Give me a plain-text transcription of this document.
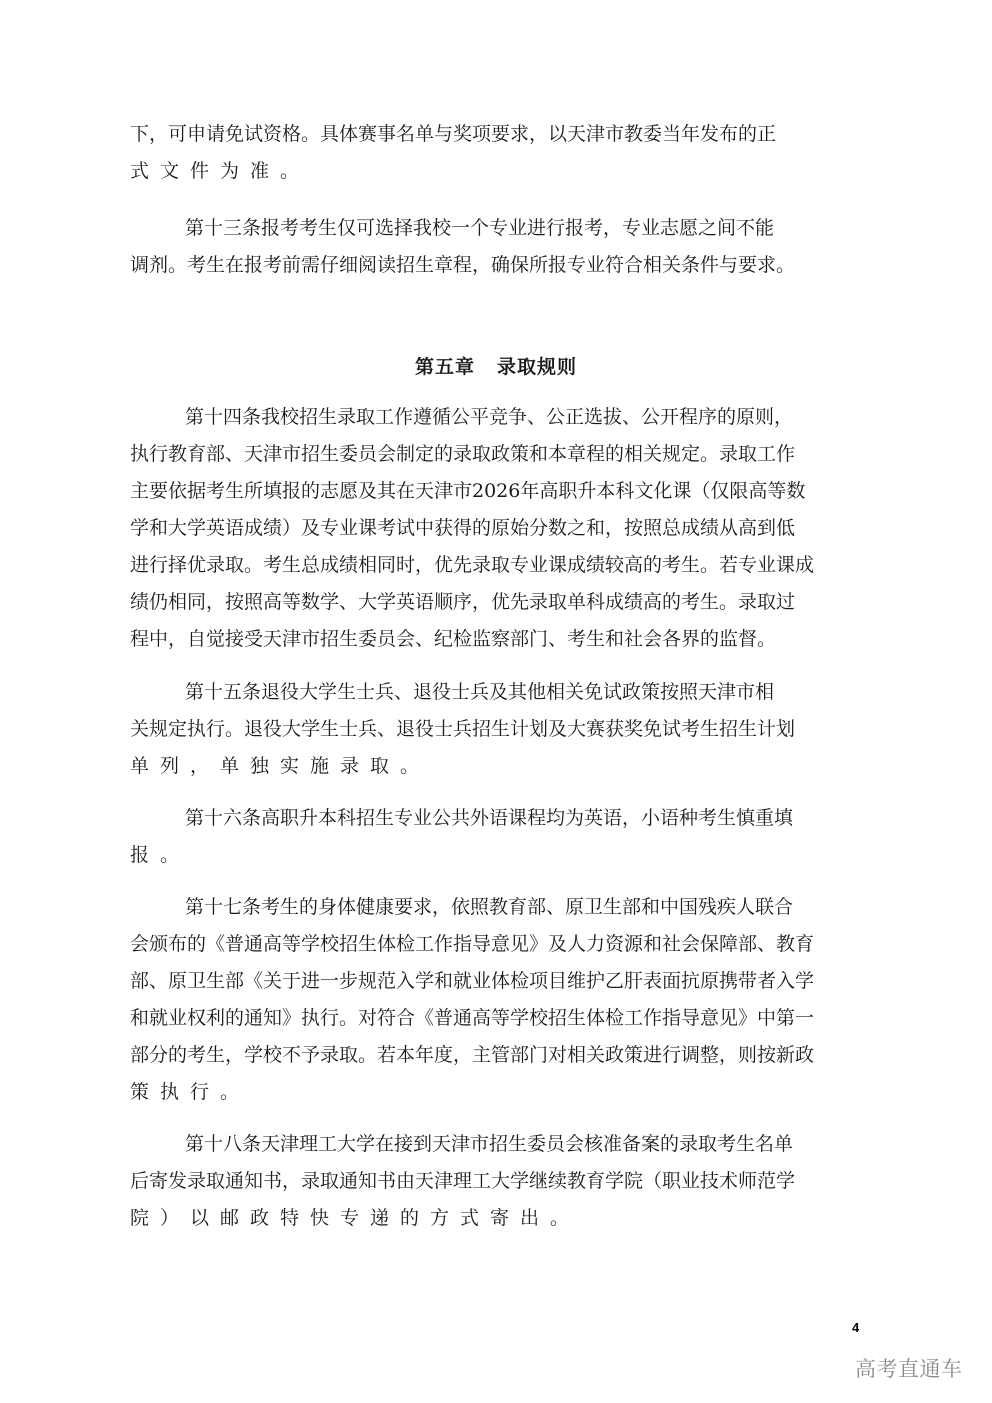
下，可申请免试资格。具体赛事名单与奖项要求，以天津市教委当年发布的正
式文件为准。
第十三条报考考生仅可选择我校一个专业进行报考，专业志愿之间不能
调剂。考生在报考前需仔细阅读招生章程，确保所报专业符合相关条件与要求。
第五章 录取规则
第十四条我校招生录取工作遵循公平竞争、公正选拔、公开程序的原则，
执行教育部、天津市招生委员会制定的录取政策和本章程的相关规定。录取工作
主要依据考生所填报的志愿及其在天津市2026年高职升本科文化课（仅限高等数
学和大学英语成绩）及专业课考试中获得的原始分数之和，按照总成绩从高到低
进行择优录取。考生总成绩相同时，优先录取专业课成绩较高的考生。若专业课成
绩仍相同，按照高等数学、大学英语顺序，优先录取单科成绩高的考生。录取过
程中，自觉接受天津市招生委员会、纪检监察部门、考生和社会各界的监督。
第十五条退役大学生士兵、退役士兵及其他相关免试政策按照天津市相
关规定执行。退役大学生士兵、退役士兵招生计划及大赛获奖免试考生招生计划
单列，单独实施录取。
第十六条高职升本科招生专业公共外语课程均为英语，小语种考生慎重填
报。
第十七条考生的身体健康要求，依照教育部、原卫生部和中国残疾人联合
会颁布的《普通高等学校招生体检工作指导意见》及人力资源和社会保障部、教育
部、原卫生部《关于进一步规范入学和就业体检项目维护乙肝表面抗原携带者入学
和就业权利的通知》执行。对符合《普通高等学校招生体检工作指导意见》中第一
部分的考生，学校不予录取。若本年度，主管部门对相关政策进行调整，则按新政
策执行。
第十八条天津理工大学在接到天津市招生委员会核准备案的录取考生名单
后寄发录取通知书，录取通知书由天津理工大学继续教育学院（职业技术师范学
院）以邮政特快专递的方式寄出。
4
高考直通车
